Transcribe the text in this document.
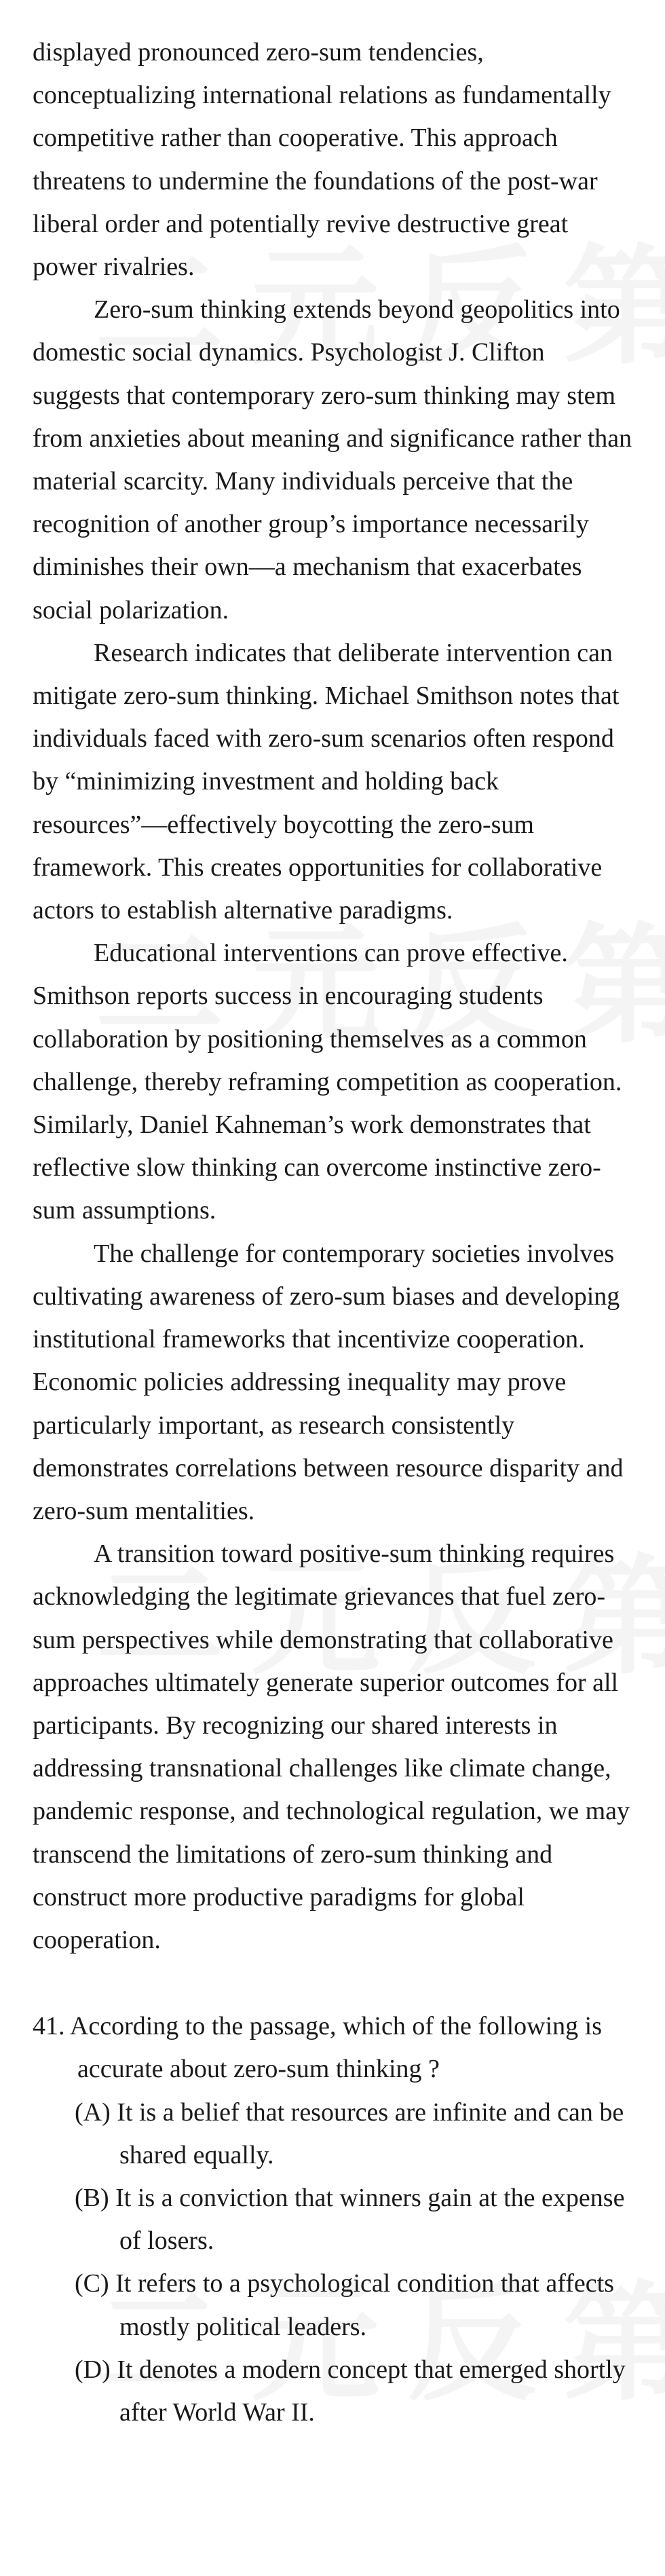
displayed pronounced zero-sum tendencies, conceptualizing international relations as fundamentally competitive rather than cooperative. This approach threatens to undermine the foundations of the post-war liberal order and potentially revive destructive great power rivalries.

Zero-sum thinking extends beyond geopolitics into domestic social dynamics. Psychologist J. Clifton suggests that contemporary zero-sum thinking may stem from anxieties about meaning and significance rather than material scarcity. Many individuals perceive that the recognition of another group’s importance necessarily diminishes their own—a mechanism that exacerbates social polarization.

Research indicates that deliberate intervention can mitigate zero-sum thinking. Michael Smithson notes that individuals faced with zero-sum scenarios often respond by “minimizing investment and holding back resources”—effectively boycotting the zero-sum framework. This creates opportunities for collaborative actors to establish alternative paradigms.

Educational interventions can prove effective. Smithson reports success in encouraging students collaboration by positioning themselves as a common challenge, thereby reframing competition as cooperation. Similarly, Daniel Kahneman’s work demonstrates that reflective slow thinking can overcome instinctive zero-sum assumptions.

The challenge for contemporary societies involves cultivating awareness of zero-sum biases and developing institutional frameworks that incentivize cooperation. Economic policies addressing inequality may prove particularly important, as research consistently demonstrates correlations between resource disparity and zero-sum mentalities.

A transition toward positive-sum thinking requires acknowledging the legitimate grievances that fuel zero-sum perspectives while demonstrating that collaborative approaches ultimately generate superior outcomes for all participants. By recognizing our shared interests in addressing transnational challenges like climate change, pandemic response, and technological regulation, we may transcend the limitations of zero-sum thinking and construct more productive paradigms for global cooperation.

41. According to the passage, which of the following is accurate about zero-sum thinking ?

(A) It is a belief that resources are infinite and can be shared equally.
(B) It is a conviction that winners gain at the expense of losers.
(C) It refers to a psychological condition that affects mostly political leaders.
(D) It denotes a modern concept that emerged shortly after World War II.
